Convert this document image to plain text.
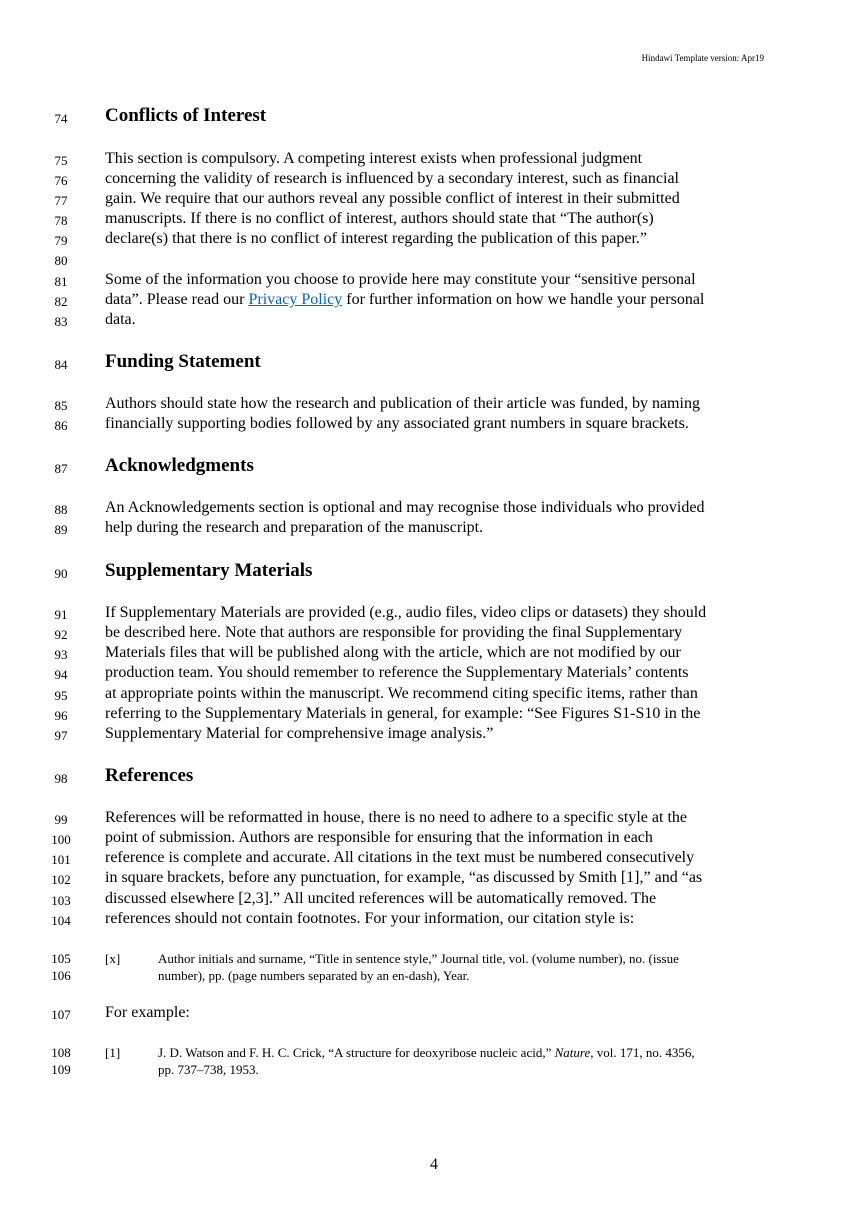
Hindawi Template version: Apr19
74
75
76
77
78
79
80
81
82
83
84
85
86
87
88
89
90
91
92
93
94
95
96
97
98
99
100
101
102
103
104
105
106
107
108
109
Conflicts of Interest
This section is compulsory. A competing interest exists when professional judgment
concerning the validity of research is influenced by a secondary interest, such as financial
gain. We require that our authors reveal any possible conflict of interest in their submitted
manuscripts. If there is no conflict of interest, authors should state that “The author(s)
declare(s) that there is no conflict of interest regarding the publication of this paper.”
Some of the information you choose to provide here may constitute your “sensitive personal
data”. Please read our Privacy Policy for further information on how we handle your personal
data.
Funding Statement
Authors should state how the research and publication of their article was funded, by naming
financially supporting bodies followed by any associated grant numbers in square brackets.
Acknowledgments
An Acknowledgements section is optional and may recognise those individuals who provided
help during the research and preparation of the manuscript.
Supplementary Materials
If Supplementary Materials are provided (e.g., audio files, video clips or datasets) they should
be described here. Note that authors are responsible for providing the final Supplementary
Materials files that will be published along with the article, which are not modified by our
production team. You should remember to reference the Supplementary Materials’ contents
at appropriate points within the manuscript. We recommend citing specific items, rather than
referring to the Supplementary Materials in general, for example: “See Figures S1-S10 in the
Supplementary Material for comprehensive image analysis.”
References
References will be reformatted in house, there is no need to adhere to a specific style at the
point of submission. Authors are responsible for ensuring that the information in each
reference is complete and accurate. All citations in the text must be numbered consecutively
in square brackets, before any punctuation, for example, “as discussed by Smith [1],” and “as
discussed elsewhere [2,3].” All uncited references will be automatically removed. The
references should not contain footnotes. For your information, our citation style is:
[x]	Author initials and surname, “Title in sentence style,” Journal title, vol. (volume number), no. (issue
number), pp. (page numbers separated by an en-dash), Year.
For example:
[1]	J. D. Watson and F. H. C. Crick, “A structure for deoxyribose nucleic acid,” Nature, vol. 171, no. 4356,
pp. 737–738, 1953.
4
